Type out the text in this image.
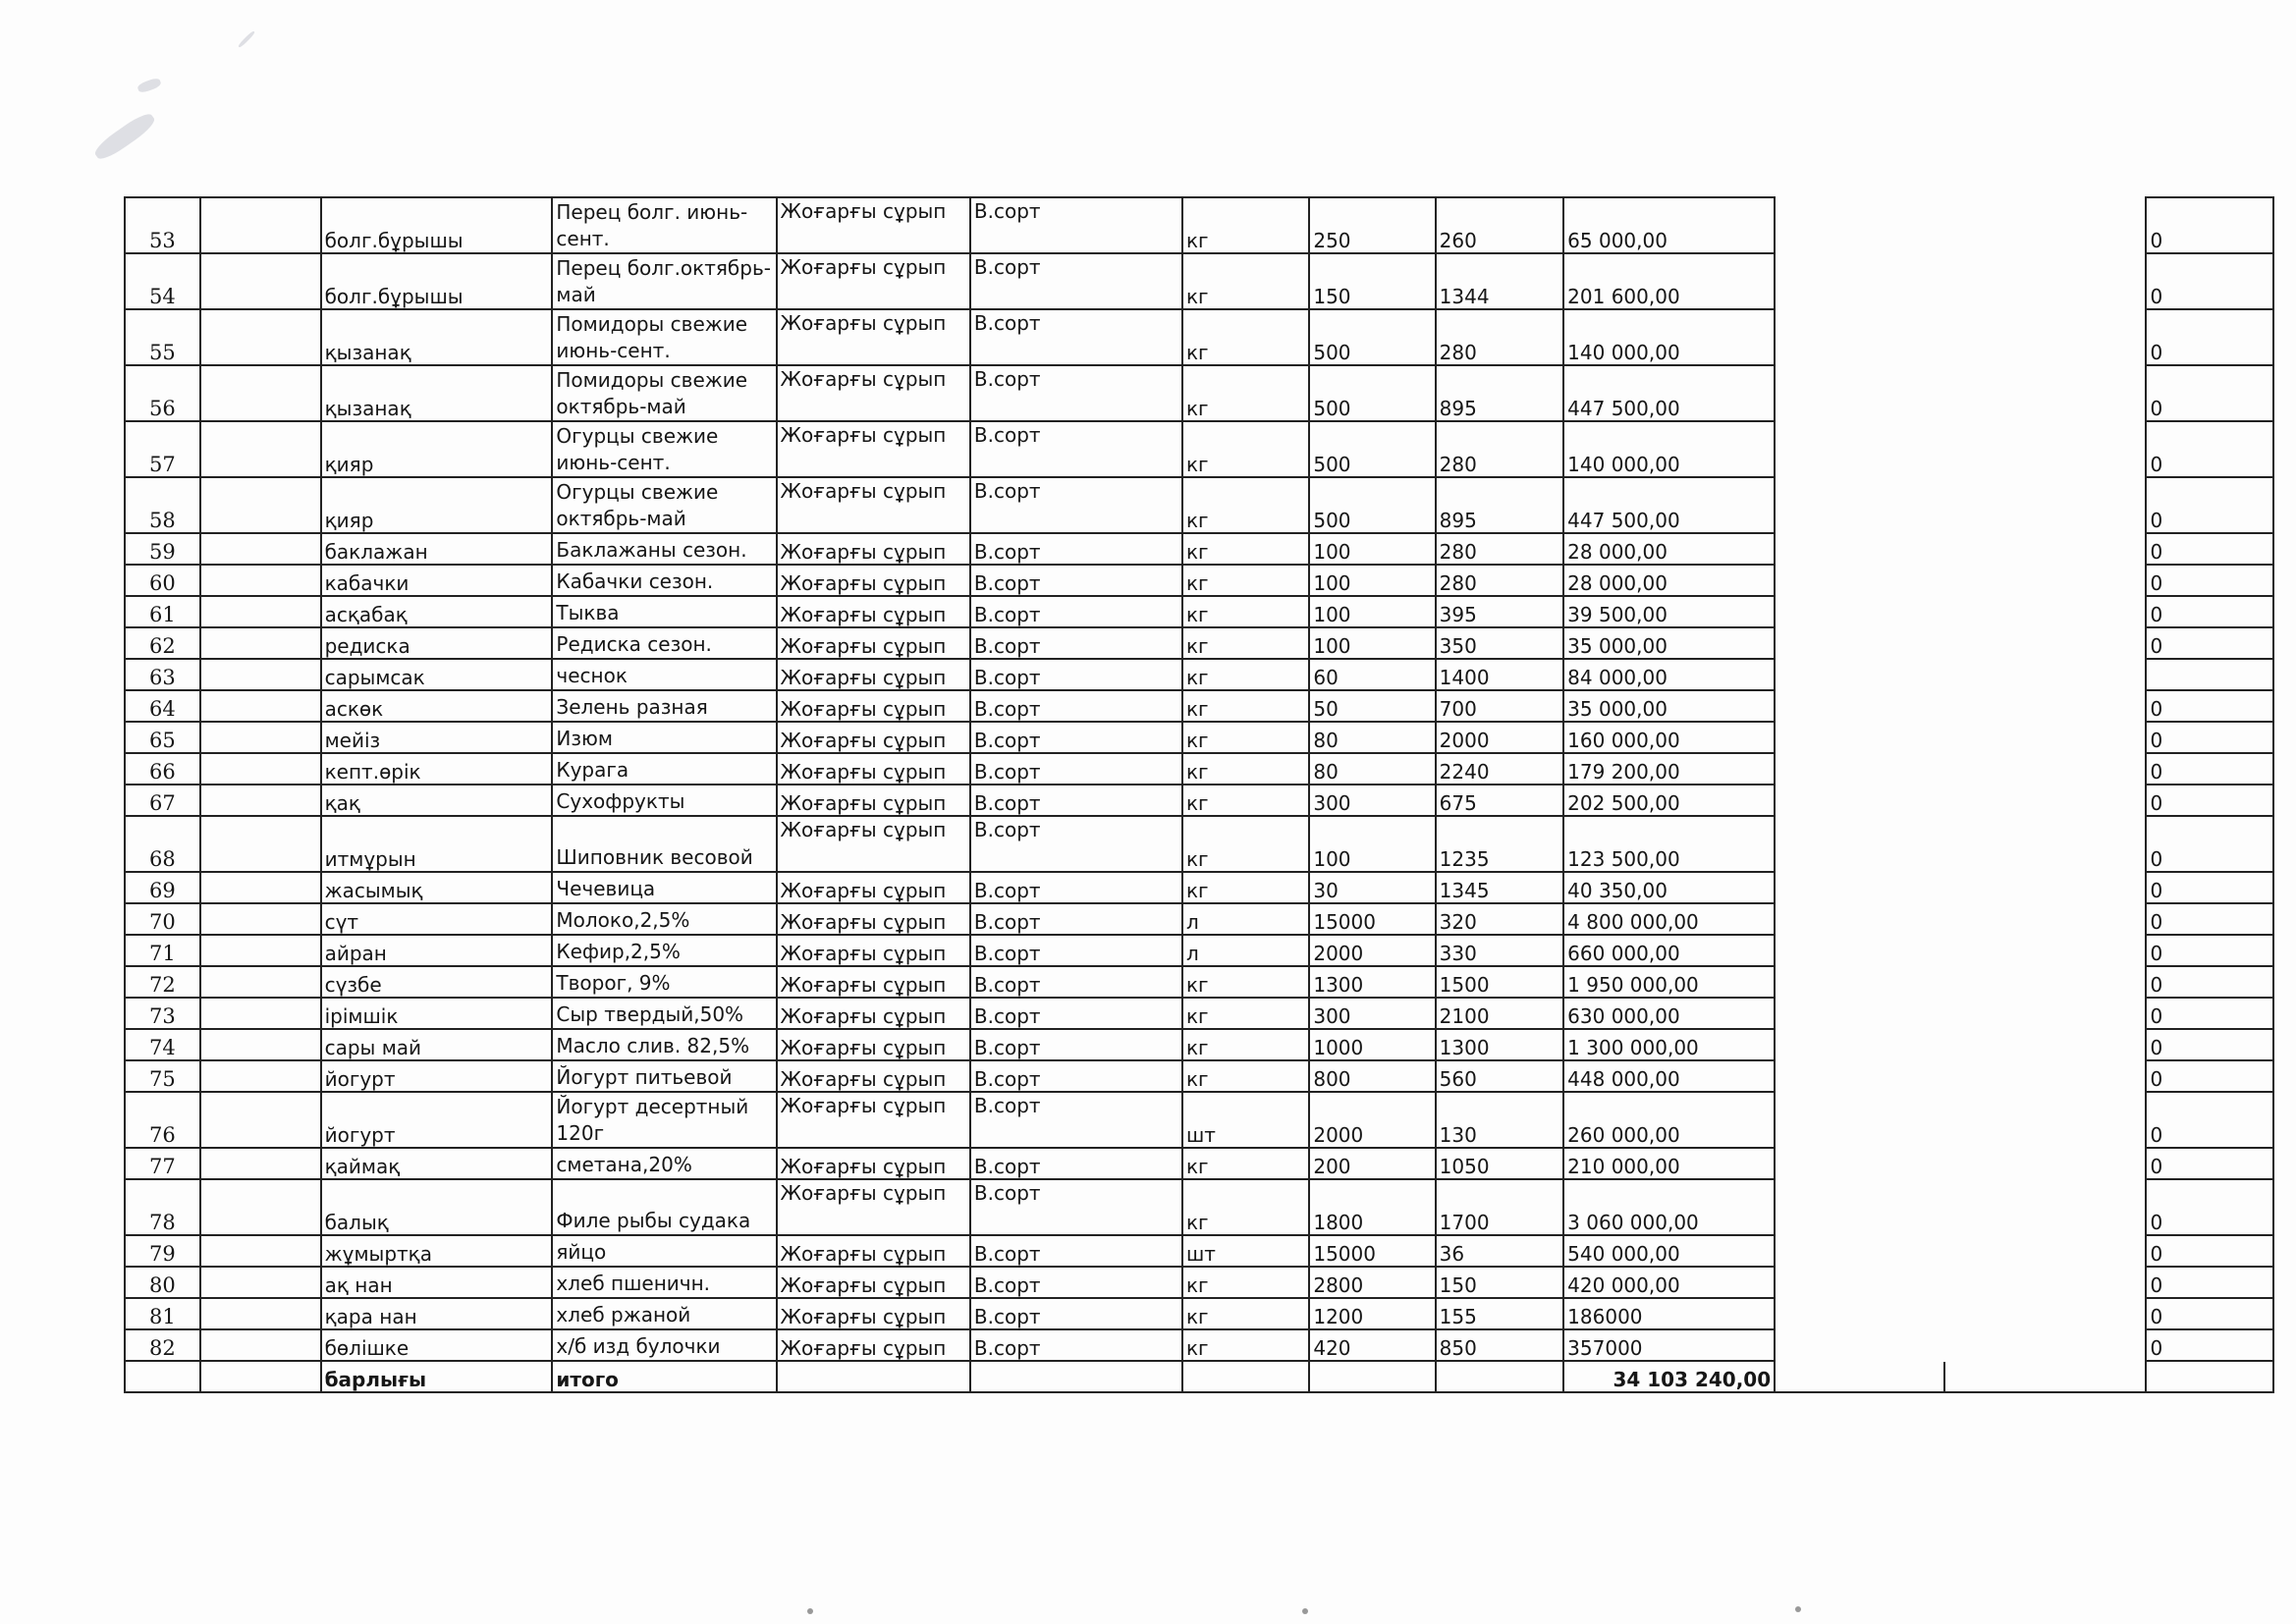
53		болг.бұрышы	Перец болг. июнь-сент.	Жоғарғы сұрып	В.сорт	кг	250	260	65 000,00			0
54		болг.бұрышы	Перец болг.октябрь-май	Жоғарғы сұрып	В.сорт	кг	150	1344	201 600,00			0
55		қызанақ	Помидоры свежие июнь-сент.	Жоғарғы сұрып	В.сорт	кг	500	280	140 000,00			0
56		қызанақ	Помидоры свежие октябрь-май	Жоғарғы сұрып	В.сорт	кг	500	895	447 500,00			0
57		қияр	Огурцы свежие июнь-сент.	Жоғарғы сұрып	В.сорт	кг	500	280	140 000,00			0
58		қияр	Огурцы свежие октябрь-май	Жоғарғы сұрып	В.сорт	кг	500	895	447 500,00			0
59		баклажан	Баклажаны сезон.	Жоғарғы сұрып	В.сорт	кг	100	280	28 000,00			0
60		кабачки	Кабачки сезон.	Жоғарғы сұрып	В.сорт	кг	100	280	28 000,00			0
61		асқабақ	Тыква	Жоғарғы сұрып	В.сорт	кг	100	395	39 500,00			0
62		редиска	Редиска сезон.	Жоғарғы сұрып	В.сорт	кг	100	350	35 000,00			0
63		сарымсак	чеснок	Жоғарғы сұрып	В.сорт	кг	60	1400	84 000,00			
64		аскөк	Зелень разная	Жоғарғы сұрып	В.сорт	кг	50	700	35 000,00			0
65		мейіз	Изюм	Жоғарғы сұрып	В.сорт	кг	80	2000	160 000,00			0
66		кепт.өрік	Курага	Жоғарғы сұрып	В.сорт	кг	80	2240	179 200,00			0
67		қақ	Сухофрукты	Жоғарғы сұрып	В.сорт	кг	300	675	202 500,00			0
68		итмұрын	Шиповник весовой	Жоғарғы сұрып	В.сорт	кг	100	1235	123 500,00			0
69		жасымық	Чечевица	Жоғарғы сұрып	В.сорт	кг	30	1345	40 350,00			0
70		сүт	Молоко,2,5%	Жоғарғы сұрып	В.сорт	л	15000	320	4 800 000,00			0
71		айран	Кефир,2,5%	Жоғарғы сұрып	В.сорт	л	2000	330	660 000,00			0
72		сүзбе	Творог, 9%	Жоғарғы сұрып	В.сорт	кг	1300	1500	1 950 000,00			0
73		ірімшік	Сыр твердый,50%	Жоғарғы сұрып	В.сорт	кг	300	2100	630 000,00			0
74		сары май	Масло слив. 82,5%	Жоғарғы сұрып	В.сорт	кг	1000	1300	1 300 000,00			0
75		йогурт	Йогурт питьевой	Жоғарғы сұрып	В.сорт	кг	800	560	448 000,00			0
76		йогурт	Йогурт десертный 120г	Жоғарғы сұрып	В.сорт	шт	2000	130	260 000,00			0
77		қаймақ	сметана,20%	Жоғарғы сұрып	В.сорт	кг	200	1050	210 000,00			0
78		балық	Филе рыбы судака	Жоғарғы сұрып	В.сорт	кг	1800	1700	3 060 000,00			0
79		жұмыртқа	яйцо	Жоғарғы сұрып	В.сорт	шт	15000	36	540 000,00			0
80		ақ нан	хлеб пшеничн.	Жоғарғы сұрып	В.сорт	кг	2800	150	420 000,00			0
81		қара нан	хлеб ржаной	Жоғарғы сұрып	В.сорт	кг	1200	155	186000			0
82		бөлішке	х/б изд булочки	Жоғарғы сұрып	В.сорт	кг	420	850	357000			0
		барлығы	итого						34 103 240,00			
